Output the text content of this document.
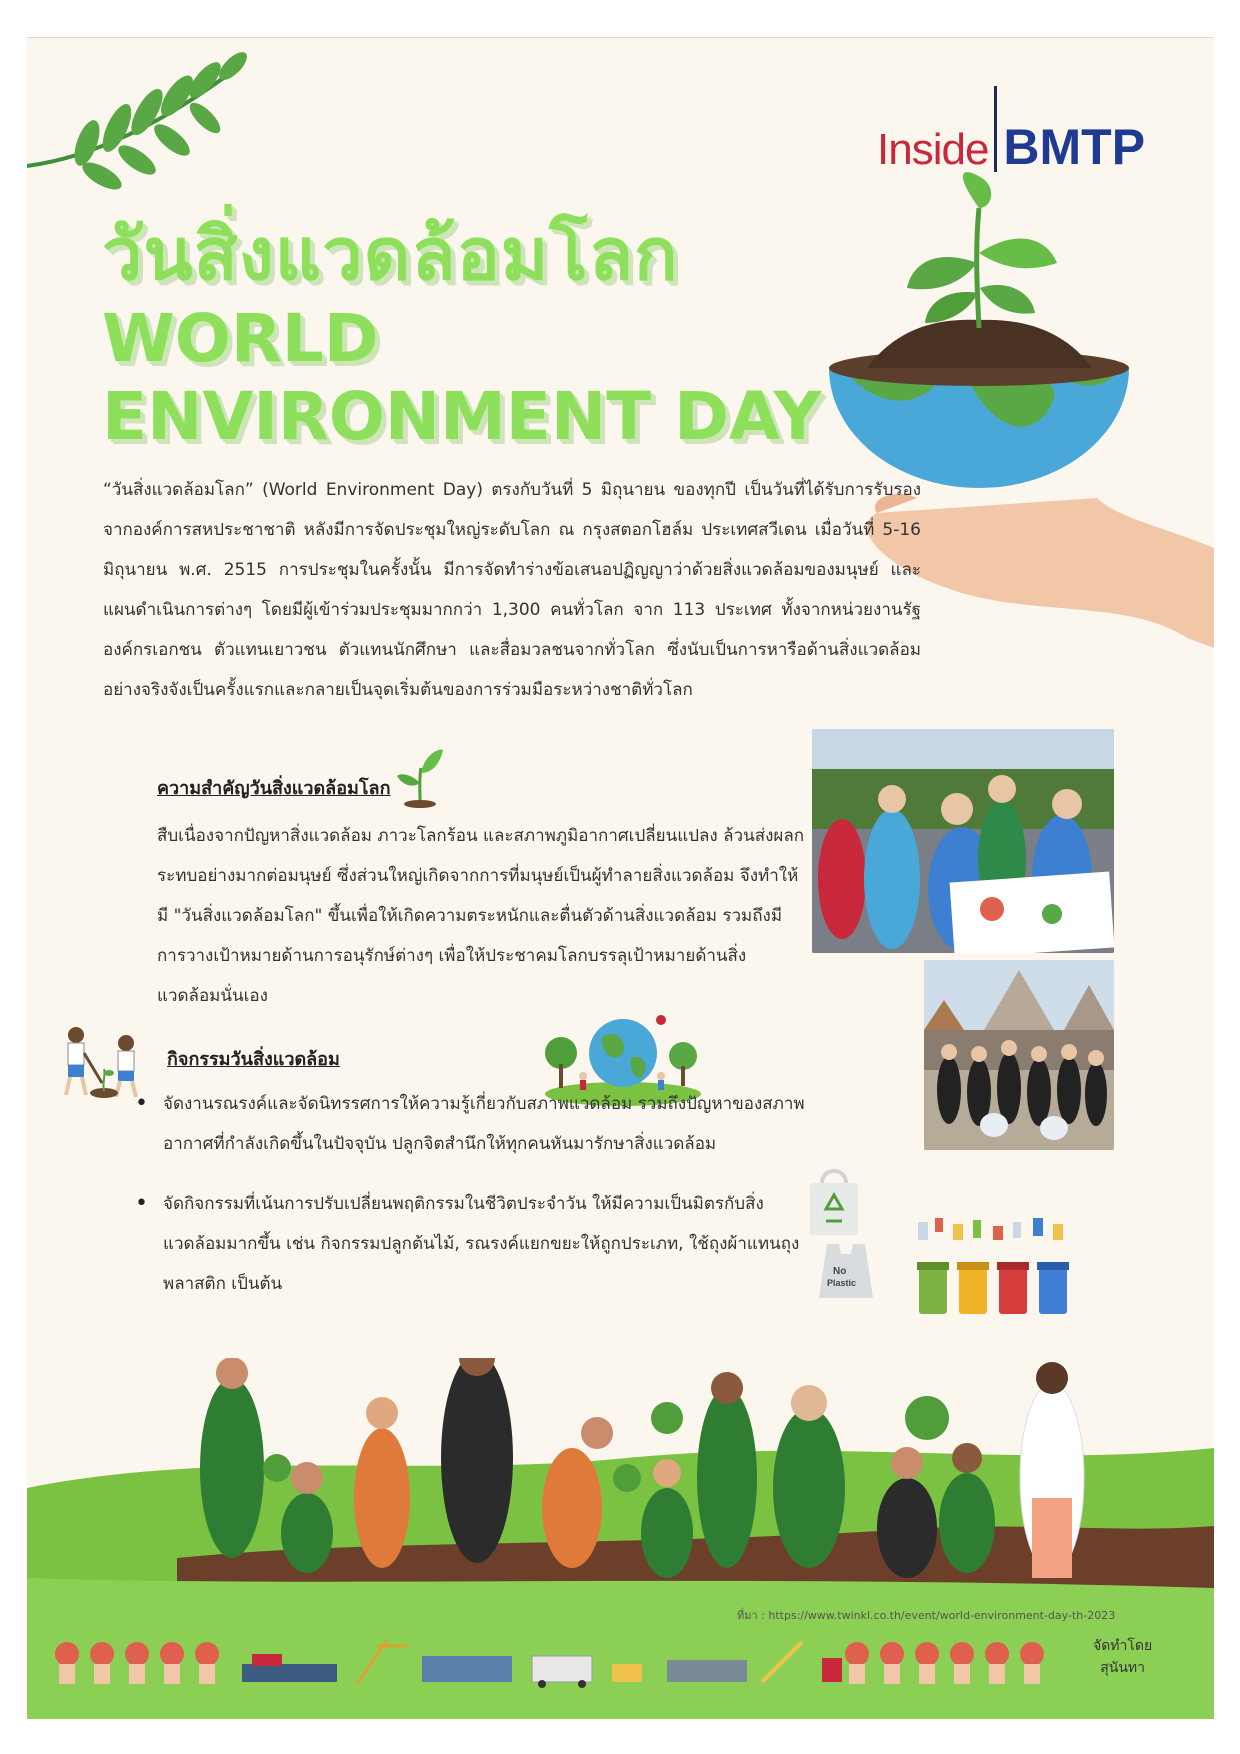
Inside BMTP
วันสิ่งแวดล้อมโลก
WORLD
ENVIRONMENT DAY
“วันสิ่งแวดล้อมโลก” (World Environment Day) ตรงกับวันที่ 5 มิถุนายน ของทุกปี เป็นวันที่ได้รับการรับรองจากองค์การสหประชาชาติ หลังมีการจัดประชุมใหญ่ระดับโลก ณ กรุงสตอกโฮล์ม ประเทศสวีเดน เมื่อวันที่ 5-16 มิถุนายน พ.ศ. 2515 การประชุมในครั้งนั้น มีการจัดทำร่างข้อเสนอปฏิญญาว่าด้วยสิ่งแวดล้อมของมนุษย์ และแผนดำเนินการต่างๆ โดยมีผู้เข้าร่วมประชุมมากกว่า 1,300 คนทั่วโลก จาก 113 ประเทศ ทั้งจากหน่วยงานรัฐ องค์กรเอกชน ตัวแทนเยาวชน ตัวแทนนักศึกษา และสื่อมวลชนจากทั่วโลก ซึ่งนับเป็นการหารือด้านสิ่งแวดล้อมอย่างจริงจังเป็นครั้งแรกและกลายเป็นจุดเริ่มต้นของการร่วมมือระหว่างชาติทั่วโลก
ความสำคัญวันสิ่งแวดล้อมโลก
สืบเนื่องจากปัญหาสิ่งแวดล้อม ภาวะโลกร้อน และสภาพภูมิอากาศเปลี่ยนแปลง ล้วนส่งผลกระทบอย่างมากต่อมนุษย์ ซึ่งส่วนใหญ่เกิดจากการที่มนุษย์เป็นผู้ทำลายสิ่งแวดล้อม จึงทำให้มี "วันสิ่งแวดล้อมโลก" ขึ้นเพื่อให้เกิดความตระหนักและตื่นตัวด้านสิ่งแวดล้อม รวมถึงมีการวางเป้าหมายด้านการอนุรักษ์ต่างๆ เพื่อให้ประชาคมโลกบรรลุเป้าหมายด้านสิ่งแวดล้อมนั่นเอง
กิจกรรมวันสิ่งแวดล้อม
• จัดงานรณรงค์และจัดนิทรรศการให้ความรู้เกี่ยวกับสภาพแวดล้อม รวมถึงปัญหาของสภาพอากาศที่กำลังเกิดขึ้นในปัจจุบัน ปลูกจิตสำนึกให้ทุกคนหันมารักษาสิ่งแวดล้อม
• จัดกิจกรรมที่เน้นการปรับเปลี่ยนพฤติกรรมในชีวิตประจำวัน ให้มีความเป็นมิตรกับสิ่งแวดล้อมมากขึ้น เช่น กิจกรรมปลูกต้นไม้, รณรงค์แยกขยะให้ถูกประเภท, ใช้ถุงผ้าแทนถุงพลาสติก เป็นต้น
No
Plastic
ที่มา : https://www.twinkl.co.th/event/world-environment-day-th-2023
จัดทำโดย
สุนันทา
